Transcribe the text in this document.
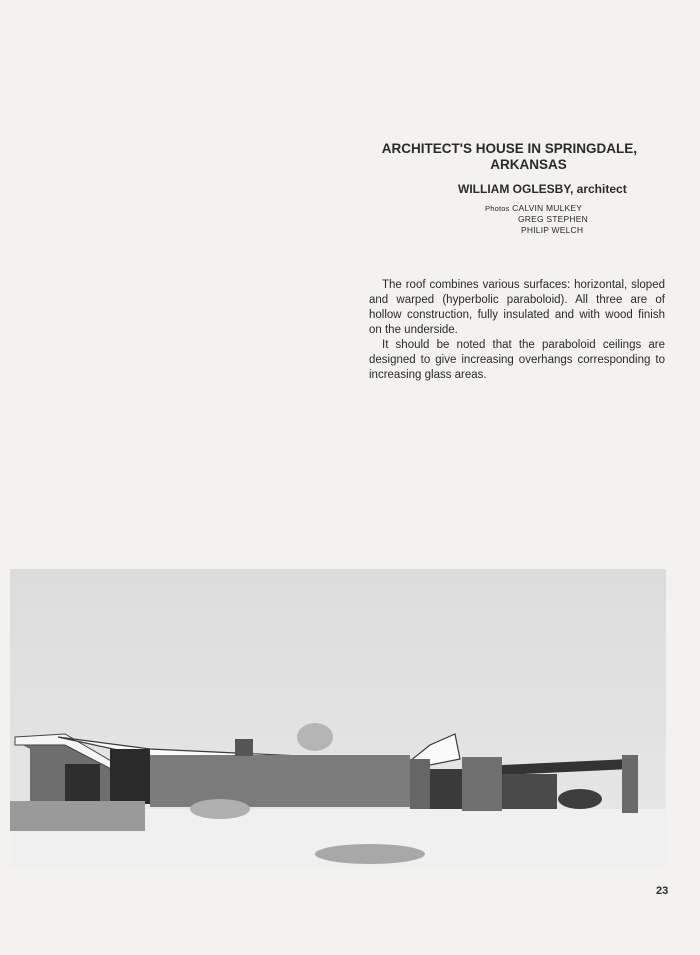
ARCHITECT'S HOUSE IN SPRINGDALE,
ARKANSAS
WILLIAM OGLESBY, architect
Photos CALVIN MULKEY
GREG STEPHEN
PHILIP WELCH

The roof combines various surfaces: horizontal, sloped and warped (hyperbolic paraboloid). All three are of hollow construction, fully insulated and with wood finish on the underside.

It should be noted that the paraboloid ceilings are designed to give increasing overhangs corresponding to increasing glass areas.

23
